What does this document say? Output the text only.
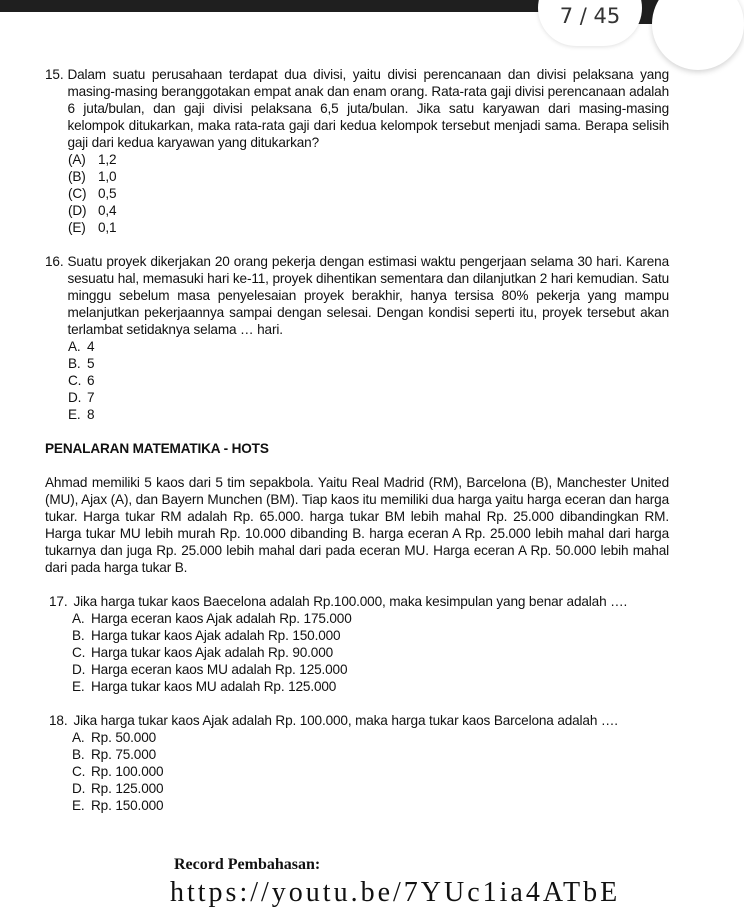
7 / 45
15. Dalam suatu perusahaan terdapat dua divisi, yaitu divisi perencanaan dan divisi pelaksana yang masing-masing beranggotakan empat anak dan enam orang. Rata-rata gaji divisi perencanaan adalah 6 juta/bulan, dan gaji divisi pelaksana 6,5 juta/bulan. Jika satu karyawan dari masing-masing kelompok ditukarkan, maka rata-rata gaji dari kedua kelompok tersebut menjadi sama. Berapa selisih gaji dari kedua karyawan yang ditukarkan?
(A) 1,2
(B) 1,0
(C) 0,5
(D) 0,4
(E) 0,1
16. Suatu proyek dikerjakan 20 orang pekerja dengan estimasi waktu pengerjaan selama 30 hari. Karena sesuatu hal, memasuki hari ke-11, proyek dihentikan sementara dan dilanjutkan 2 hari kemudian. Satu minggu sebelum masa penyelesaian proyek berakhir, hanya tersisa 80% pekerja yang mampu melanjutkan pekerjaannya sampai dengan selesai. Dengan kondisi seperti itu, proyek tersebut akan terlambat setidaknya selama … hari.
A. 4
B. 5
C. 6
D. 7
E. 8
PENALARAN MATEMATIKA - HOTS
Ahmad memiliki 5 kaos dari 5 tim sepakbola. Yaitu Real Madrid (RM), Barcelona (B), Manchester United (MU), Ajax (A), dan Bayern Munchen (BM). Tiap kaos itu memiliki dua harga yaitu harga eceran dan harga tukar. Harga tukar RM adalah Rp. 65.000. harga tukar BM lebih mahal Rp. 25.000 dibandingkan RM. Harga tukar MU lebih murah Rp. 10.000 dibanding B. harga eceran A Rp. 25.000 lebih mahal dari harga tukarnya dan juga Rp. 25.000 lebih mahal dari pada eceran MU. Harga eceran A Rp. 50.000 lebih mahal dari pada harga tukar B.
17. Jika harga tukar kaos Baecelona adalah Rp.100.000, maka kesimpulan yang benar adalah ….
A. Harga eceran kaos Ajak adalah Rp. 175.000
B. Harga tukar kaos Ajak adalah Rp. 150.000
C. Harga tukar kaos Ajak adalah Rp. 90.000
D. Harga eceran kaos MU adalah Rp. 125.000
E. Harga tukar kaos MU adalah Rp. 125.000
18. Jika harga tukar kaos Ajak adalah Rp. 100.000, maka harga tukar kaos Barcelona adalah ….
A. Rp. 50.000
B. Rp. 75.000
C. Rp. 100.000
D. Rp. 125.000
E. Rp. 150.000
Record Pembahasan:
https://youtu.be/7YUc1ia4ATbE
